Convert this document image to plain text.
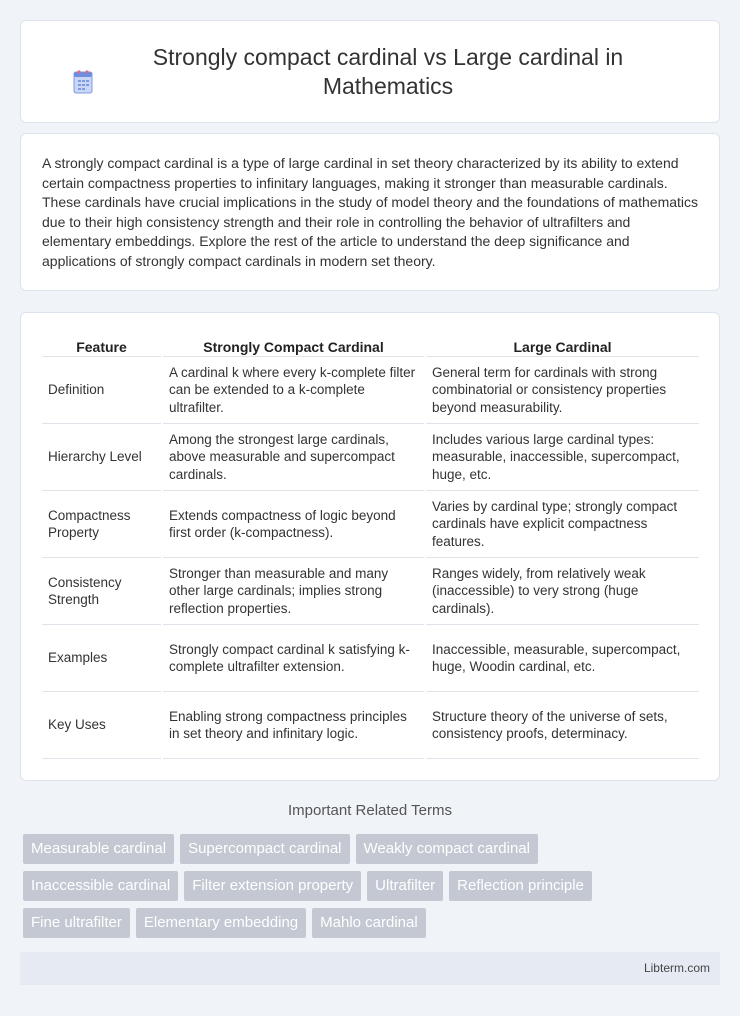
Strongly compact cardinal vs Large cardinal in Mathematics

A strongly compact cardinal is a type of large cardinal in set theory characterized by its ability to extend certain compactness properties to infinitary languages, making it stronger than measurable cardinals. These cardinals have crucial implications in the study of model theory and the foundations of mathematics due to their high consistency strength and their role in controlling the behavior of ultrafilters and elementary embeddings. Explore the rest of the article to understand the deep significance and applications of strongly compact cardinals in modern set theory.

Feature	Strongly Compact Cardinal	Large Cardinal
Definition	A cardinal k where every k-complete filter can be extended to a k-complete ultrafilter.	General term for cardinals with strong combinatorial or consistency properties beyond measurability.
Hierarchy Level	Among the strongest large cardinals, above measurable and supercompact cardinals.	Includes various large cardinal types: measurable, inaccessible, supercompact, huge, etc.
Compactness Property	Extends compactness of logic beyond first order (k-compactness).	Varies by cardinal type; strongly compact cardinals have explicit compactness features.
Consistency Strength	Stronger than measurable and many other large cardinals; implies strong reflection properties.	Ranges widely, from relatively weak (inaccessible) to very strong (huge cardinals).
Examples	Strongly compact cardinal k satisfying k-complete ultrafilter extension.	Inaccessible, measurable, supercompact, huge, Woodin cardinal, etc.
Key Uses	Enabling strong compactness principles in set theory and infinitary logic.	Structure theory of the universe of sets, consistency proofs, determinacy.
Important Related Terms
Measurable cardinal	Supercompact cardinal	Weakly compact cardinal
Inaccessible cardinal	Filter extension property	Ultrafilter	Reflection principle
Fine ultrafilter	Elementary embedding	Mahlo cardinal
Libterm.com
